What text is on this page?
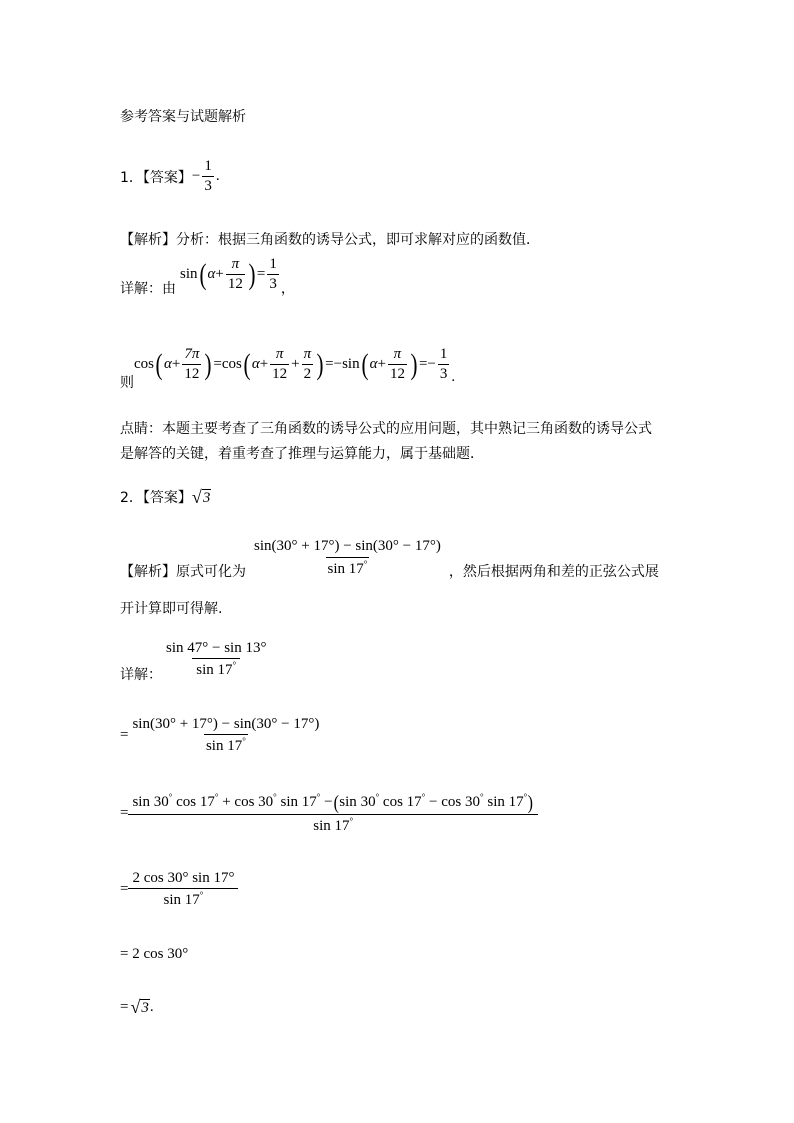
参考答案与试题解析
1．【答案】 − $\frac{1}{3}$ .
【解析】分析：根据三角函数的诱导公式，即可求解对应的函数值．
详解：由
sin ( $\alpha + \frac{\pi}{12}$ ) = $\frac{1}{3}$ ，
则
cos ( $\alpha + \frac{7\pi}{12}$ ) = cos ( $\alpha + \frac{\pi}{12} + \frac{\pi}{2}$ ) = −sin ( $\alpha + \frac{\pi}{12}$ ) = − $\frac{1}{3}$ .
点睛：本题主要考查了三角函数的诱导公式的应用问题，其中熟记三角函数的诱导公式
是解答的关键，着重考查了推理与运算能力，属于基础题．
2．【答案】 √ 3
【解析】原式可化为 $\frac{\sin(30^\circ + 17^\circ) - \sin(30^\circ - 17^\circ)}{\sin 17^\circ}$ ，然后根据两角和差的正弦公式展
开计算即可得解.
详解： $\frac{\sin 47^\circ - \sin 13^\circ}{\sin 17^\circ}$
= $\frac{\sin(30^\circ + 17^\circ) - \sin(30^\circ - 17^\circ)}{\sin 17^\circ}$
=
sin 30° cos 17° + cos 30° sin 17° −(sin 30° cos 17° − cos 30° sin 17°)
sin 17°
= $\frac{2 \cos 30^\circ \sin 17^\circ}{\sin 17^\circ}$
= 2 cos 30°
= √ 3 .
